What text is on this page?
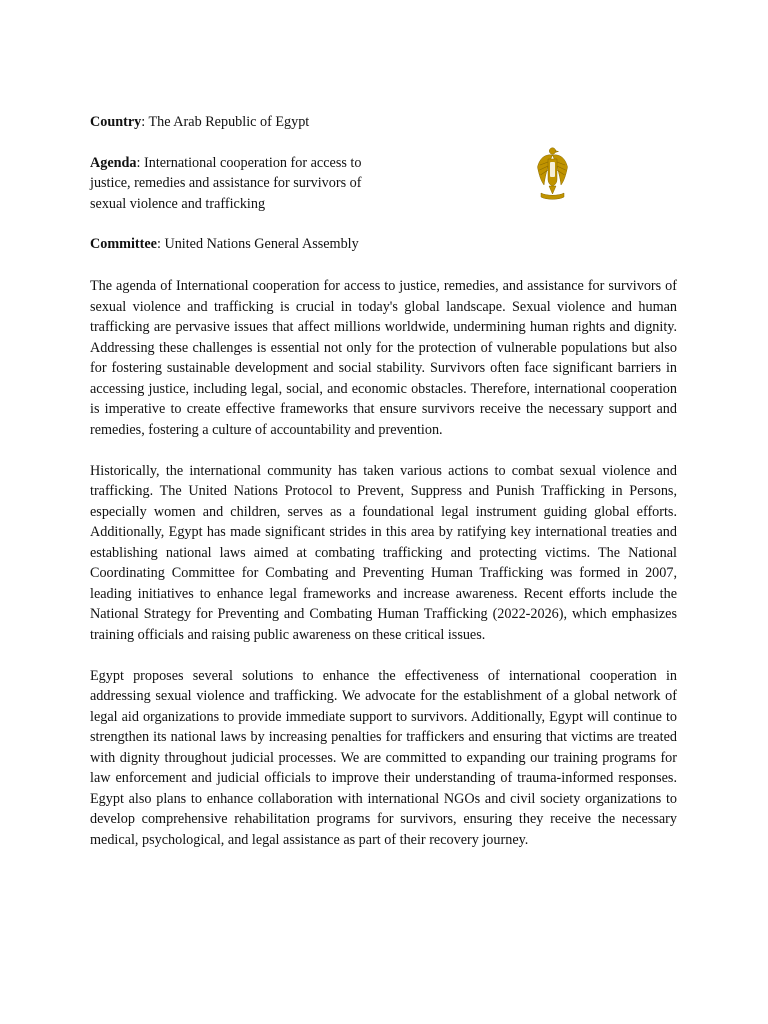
Country: The Arab Republic of Egypt

Agenda: International cooperation for access to justice, remedies and assistance for survivors of sexual violence and trafficking

Committee: United Nations General Assembly

The agenda of International cooperation for access to justice, remedies, and assistance for survivors of sexual violence and trafficking is crucial in today's global landscape. Sexual violence and human trafficking are pervasive issues that affect millions worldwide, undermining human rights and dignity. Addressing these challenges is essential not only for the protection of vulnerable populations but also for fostering sustainable development and social stability. Survivors often face significant barriers in accessing justice, including legal, social, and economic obstacles. Therefore, international cooperation is imperative to create effective frameworks that ensure survivors receive the necessary support and remedies, fostering a culture of accountability and prevention.

Historically, the international community has taken various actions to combat sexual violence and trafficking. The United Nations Protocol to Prevent, Suppress and Punish Trafficking in Persons, especially women and children, serves as a foundational legal instrument guiding global efforts. Additionally, Egypt has made significant strides in this area by ratifying key international treaties and establishing national laws aimed at combating trafficking and protecting victims. The National Coordinating Committee for Combating and Preventing Human Trafficking was formed in 2007, leading initiatives to enhance legal frameworks and increase awareness. Recent efforts include the National Strategy for Preventing and Combating Human Trafficking (2022-2026), which emphasizes training officials and raising public awareness on these critical issues.

Egypt proposes several solutions to enhance the effectiveness of international cooperation in addressing sexual violence and trafficking. We advocate for the establishment of a global network of legal aid organizations to provide immediate support to survivors. Additionally, Egypt will continue to strengthen its national laws by increasing penalties for traffickers and ensuring that victims are treated with dignity throughout judicial processes. We are committed to expanding our training programs for law enforcement and judicial officials to improve their understanding of trauma-informed responses. Egypt also plans to enhance collaboration with international NGOs and civil society organizations to develop comprehensive rehabilitation programs for survivors, ensuring they receive the necessary medical, psychological, and legal assistance as part of their recovery journey.
